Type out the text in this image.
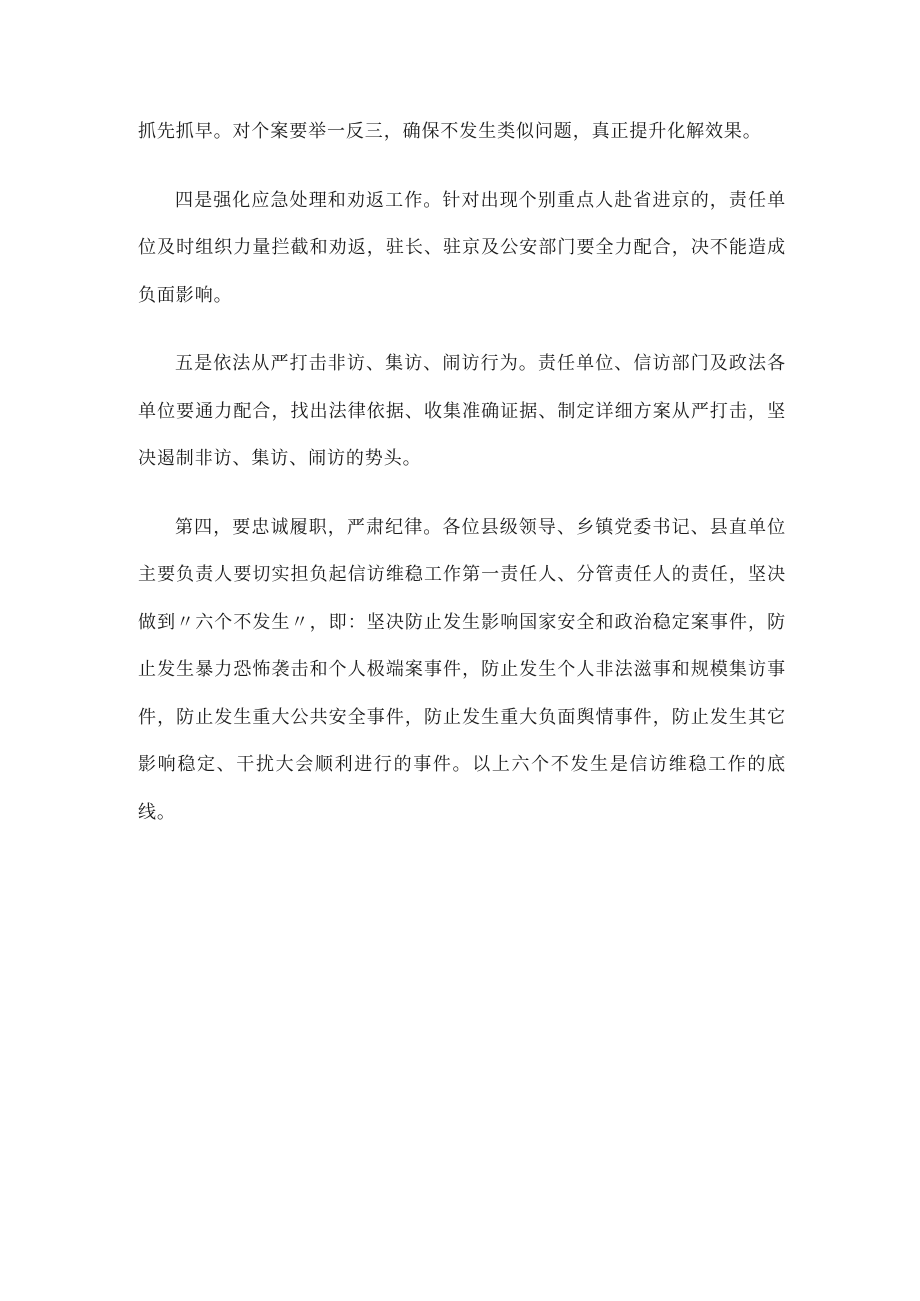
抓先抓早。对个案要举一反三，确保不发生类似问题，真正提升化解效果。

四是强化应急处理和劝返工作。针对出现个别重点人赴省进京的，责任单位及时组织力量拦截和劝返，驻长、驻京及公安部门要全力配合，决不能造成负面影响。

五是依法从严打击非访、集访、闹访行为。责任单位、信访部门及政法各单位要通力配合，找出法律依据、收集准确证据、制定详细方案从严打击，坚决遏制非访、集访、闹访的势头。

第四，要忠诚履职，严肃纪律。各位县级领导、乡镇党委书记、县直单位主要负责人要切实担负起信访维稳工作第一责任人、分管责任人的责任，坚决做到〃六个不发生〃，即：坚决防止发生影响国家安全和政治稳定案事件，防止发生暴力恐怖袭击和个人极端案事件，防止发生个人非法滋事和规模集访事件，防止发生重大公共安全事件，防止发生重大负面舆情事件，防止发生其它影响稳定、干扰大会顺利进行的事件。以上六个不发生是信访维稳工作的底线。
